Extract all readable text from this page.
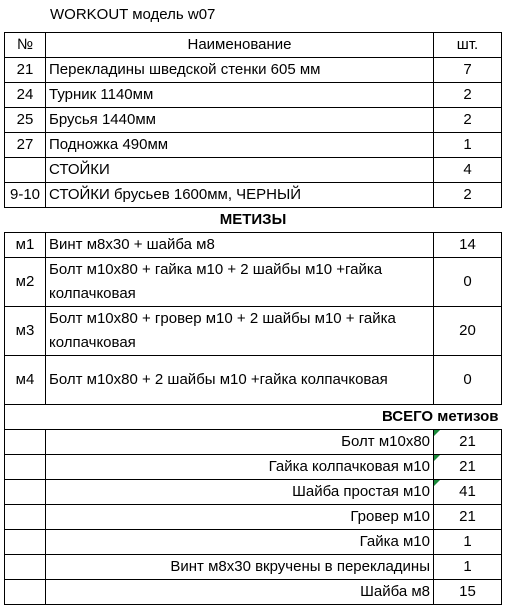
WORKOUT модель w07
№	Наименование	шт.
21	Перекладины шведской стенки 605 мм	7
24	Турник 1140мм	2
25	Брусья 1440мм	2
27	Подножка 490мм	1
	СТОЙКИ	4
9-10	СТОЙКИ брусьев 1600мм, ЧЕРНЫЙ	2
МЕТИЗЫ		
м1	Винт м8х30 + шайба м8	14
м2	Болт м10х80 + гайка м10 + 2 шайбы м10 +гайка колпачковая	0
м3	Болт м10х80 + гровер м10 + 2 шайбы м10 + гайка колпачковая	20
м4	Болт м10х80 + 2 шайбы м10 +гайка колпачковая	0
	ВСЕГО метизов	
	Болт м10х80	21
	Гайка колпачковая м10	21
	Шайба простая м10	41
	Гровер м10	21
	Гайка м10	1
	Винт м8х30 вкручены в перекладины	1
	Шайба м8	15
